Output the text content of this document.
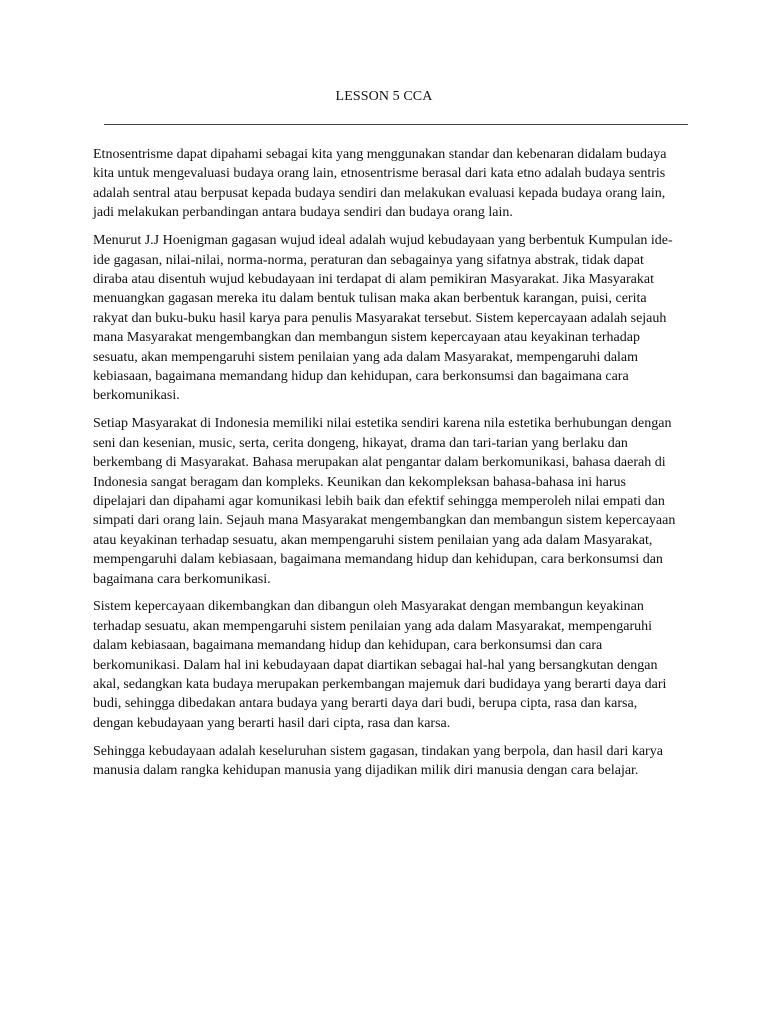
LESSON 5 CCA

Etnosentrisme dapat dipahami sebagai kita yang menggunakan standar dan kebenaran didalam budaya kita untuk mengevaluasi budaya orang lain, etnosentrisme berasal dari kata etno adalah budaya sentris adalah sentral atau berpusat kepada budaya sendiri dan melakukan evaluasi kepada budaya orang lain, jadi melakukan perbandingan antara budaya sendiri dan budaya orang lain.

Menurut J.J Hoenigman gagasan wujud ideal adalah wujud kebudayaan yang berbentuk Kumpulan ide-ide gagasan, nilai-nilai, norma-norma, peraturan dan sebagainya yang sifatnya abstrak, tidak dapat diraba atau disentuh wujud kebudayaan ini terdapat di alam pemikiran Masyarakat. Jika Masyarakat menuangkan gagasan mereka itu dalam bentuk tulisan maka akan berbentuk karangan, puisi, cerita rakyat dan buku-buku hasil karya para penulis Masyarakat tersebut. Sistem kepercayaan adalah sejauh mana Masyarakat mengembangkan dan membangun sistem kepercayaan atau keyakinan terhadap sesuatu, akan mempengaruhi sistem penilaian yang ada dalam Masyarakat, mempengaruhi dalam kebiasaan, bagaimana memandang hidup dan kehidupan, cara berkonsumsi dan bagaimana cara berkomunikasi.

Setiap Masyarakat di Indonesia memiliki nilai estetika sendiri karena nila estetika berhubungan dengan seni dan kesenian, music, serta, cerita dongeng, hikayat, drama dan tari-tarian yang berlaku dan berkembang di Masyarakat. Bahasa merupakan alat pengantar dalam berkomunikasi, bahasa daerah di Indonesia sangat beragam dan kompleks. Keunikan dan kekompleksan bahasa-bahasa ini harus dipelajari dan dipahami agar komunikasi lebih baik dan efektif sehingga memperoleh nilai empati dan simpati dari orang lain. Sejauh mana Masyarakat mengembangkan dan membangun sistem kepercayaan atau keyakinan terhadap sesuatu, akan mempengaruhi sistem penilaian yang ada dalam Masyarakat, mempengaruhi dalam kebiasaan, bagaimana memandang hidup dan kehidupan, cara berkonsumsi dan bagaimana cara berkomunikasi.

Sistem kepercayaan dikembangkan dan dibangun oleh Masyarakat dengan membangun keyakinan terhadap sesuatu, akan mempengaruhi sistem penilaian yang ada dalam Masyarakat, mempengaruhi dalam kebiasaan, bagaimana memandang hidup dan kehidupan, cara berkonsumsi dan cara berkomunikasi. Dalam hal ini kebudayaan dapat diartikan sebagai hal-hal yang bersangkutan dengan akal, sedangkan kata budaya merupakan perkembangan majemuk dari budidaya yang berarti daya dari budi, sehingga dibedakan antara budaya yang berarti daya dari budi, berupa cipta, rasa dan karsa, dengan kebudayaan yang berarti hasil dari cipta, rasa dan karsa.

Sehingga kebudayaan adalah keseluruhan sistem gagasan, tindakan yang berpola, dan hasil dari karya manusia dalam rangka kehidupan manusia yang dijadikan milik diri manusia dengan cara belajar.
